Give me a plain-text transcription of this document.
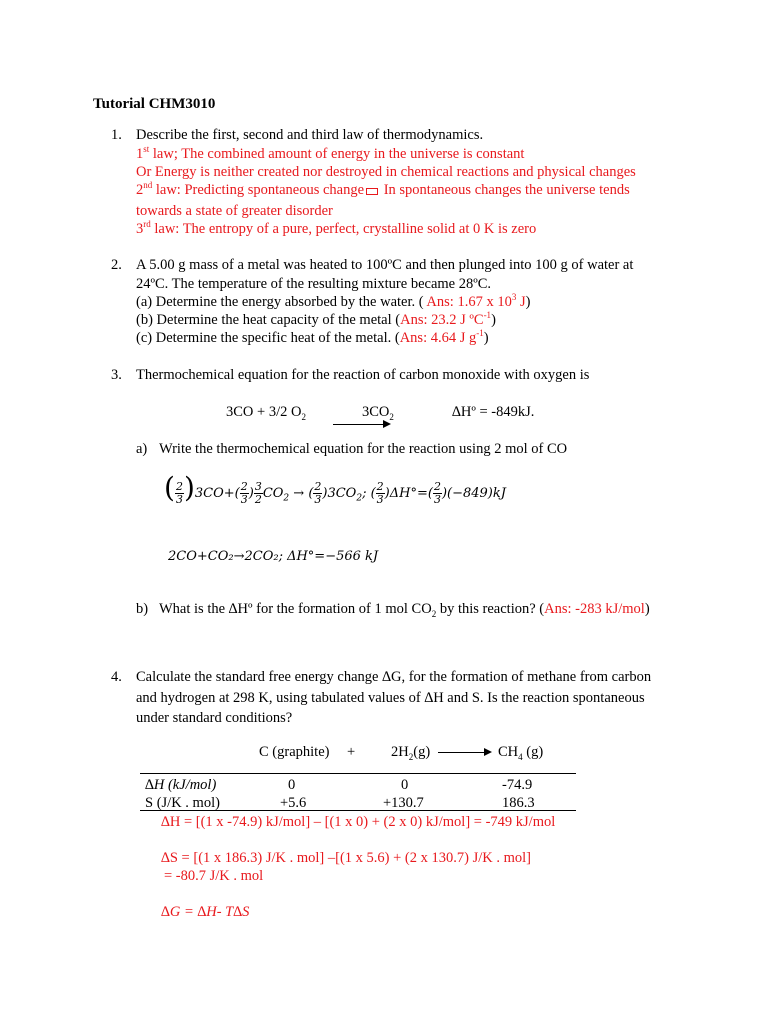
Tutorial CHM3010
1. Describe the first, second and third law of thermodynamics.
1st law; The combined amount of energy in the universe is constant
Or Energy is neither created nor destroyed in chemical reactions and physical changes
2nd law: Predicting spontaneous change In spontaneous changes the universe tends
towards a state of greater disorder
3rd law: The entropy of a pure, perfect, crystalline solid at 0 K is zero
2. A 5.00 g mass of a metal was heated to 100ºC and then plunged into 100 g of water at
24ºC. The temperature of the resulting mixture became 28ºC.
(a) Determine the energy absorbed by the water. ( Ans: 1.67 x $10^3$ J)
(b) Determine the heat capacity of the metal (Ans: 23.2 J ºC$^{-1}$)
(c) Determine the specific heat of the metal. (Ans: 4.64 J $g^{-1}$)
3. Thermochemical equation for the reaction of carbon monoxide with oxygen is
3CO + 3/2 $O_2$	$3CO_2$	∆Hº = -849kJ.
a) Write the thermochemical equation for the reaction using 2 mol of CO
( $\frac{2}{3} )3CO+( \frac{2}{3}$ ) $\frac{3}{2} CO_2$ → ( $\frac{2}{3} )3CO_2$; ( $\frac{2}{3} )\Delta H^\circ=( \frac{2}{3} )(-849)kJ$
2CO+CO₂→2CO₂; ΔH°=−566 kJ
b) What is the ∆Hº for the formation of 1 mol $CO_2$ by this reaction? (Ans: -283 kJ/mol)
4. Calculate the standard free energy change ∆G, for the formation of methane from carbon
and hydrogen at 298 K, using tabulated values of ∆H and S. Is the reaction spontaneous
under standard conditions?
C (graphite) + $2H_2(g)$	$CH_4$ (g)
∆H (kJ/mol)	0	0	-74.9
S (J/K . mol)	+5.6	+130.7	186.3
∆H = [(1 x -74.9) kJ/mol] – [(1 x 0) + (2 x 0) kJ/mol] = -749 kJ/mol
∆S = [(1 x 186.3) J/K . mol] –[(1 x 5.6) + (2 x 130.7) J/K . mol]
= -80.7 J/K . mol
∆G = ∆H- T∆S
